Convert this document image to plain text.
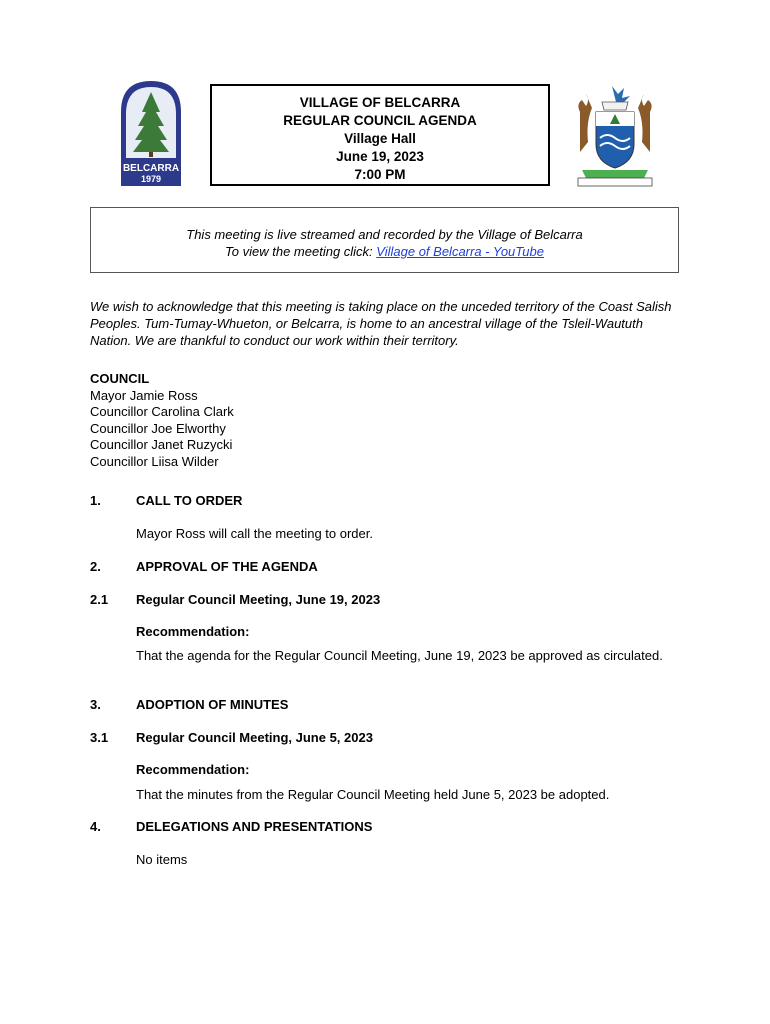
BELCARRA
1979
VILLAGE OF BELCARRA
REGULAR COUNCIL AGENDA
Village Hall
June 19, 2023
7:00 PM
This meeting is live streamed and recorded by the Village of Belcarra
To view the meeting click: Village of Belcarra - YouTube
We wish to acknowledge that this meeting is taking place on the unceded territory of the Coast Salish Peoples. Tum-Tumay-Whueton, or Belcarra, is home to an ancestral village of the Tsleil-Waututh Nation. We are thankful to conduct our work within their territory.
COUNCIL
Mayor Jamie Ross
Councillor Carolina Clark
Councillor Joe Elworthy
Councillor Janet Ruzycki
Councillor Liisa Wilder
1.	CALL TO ORDER
Mayor Ross will call the meeting to order.
2.	APPROVAL OF THE AGENDA
2.1 Regular Council Meeting, June 19, 2023
Recommendation:
That the agenda for the Regular Council Meeting, June 19, 2023 be approved as circulated.
3.	ADOPTION OF MINUTES
3.1 Regular Council Meeting, June 5, 2023
Recommendation:
That the minutes from the Regular Council Meeting held June 5, 2023 be adopted.
4.	DELEGATIONS AND PRESENTATIONS
No items
